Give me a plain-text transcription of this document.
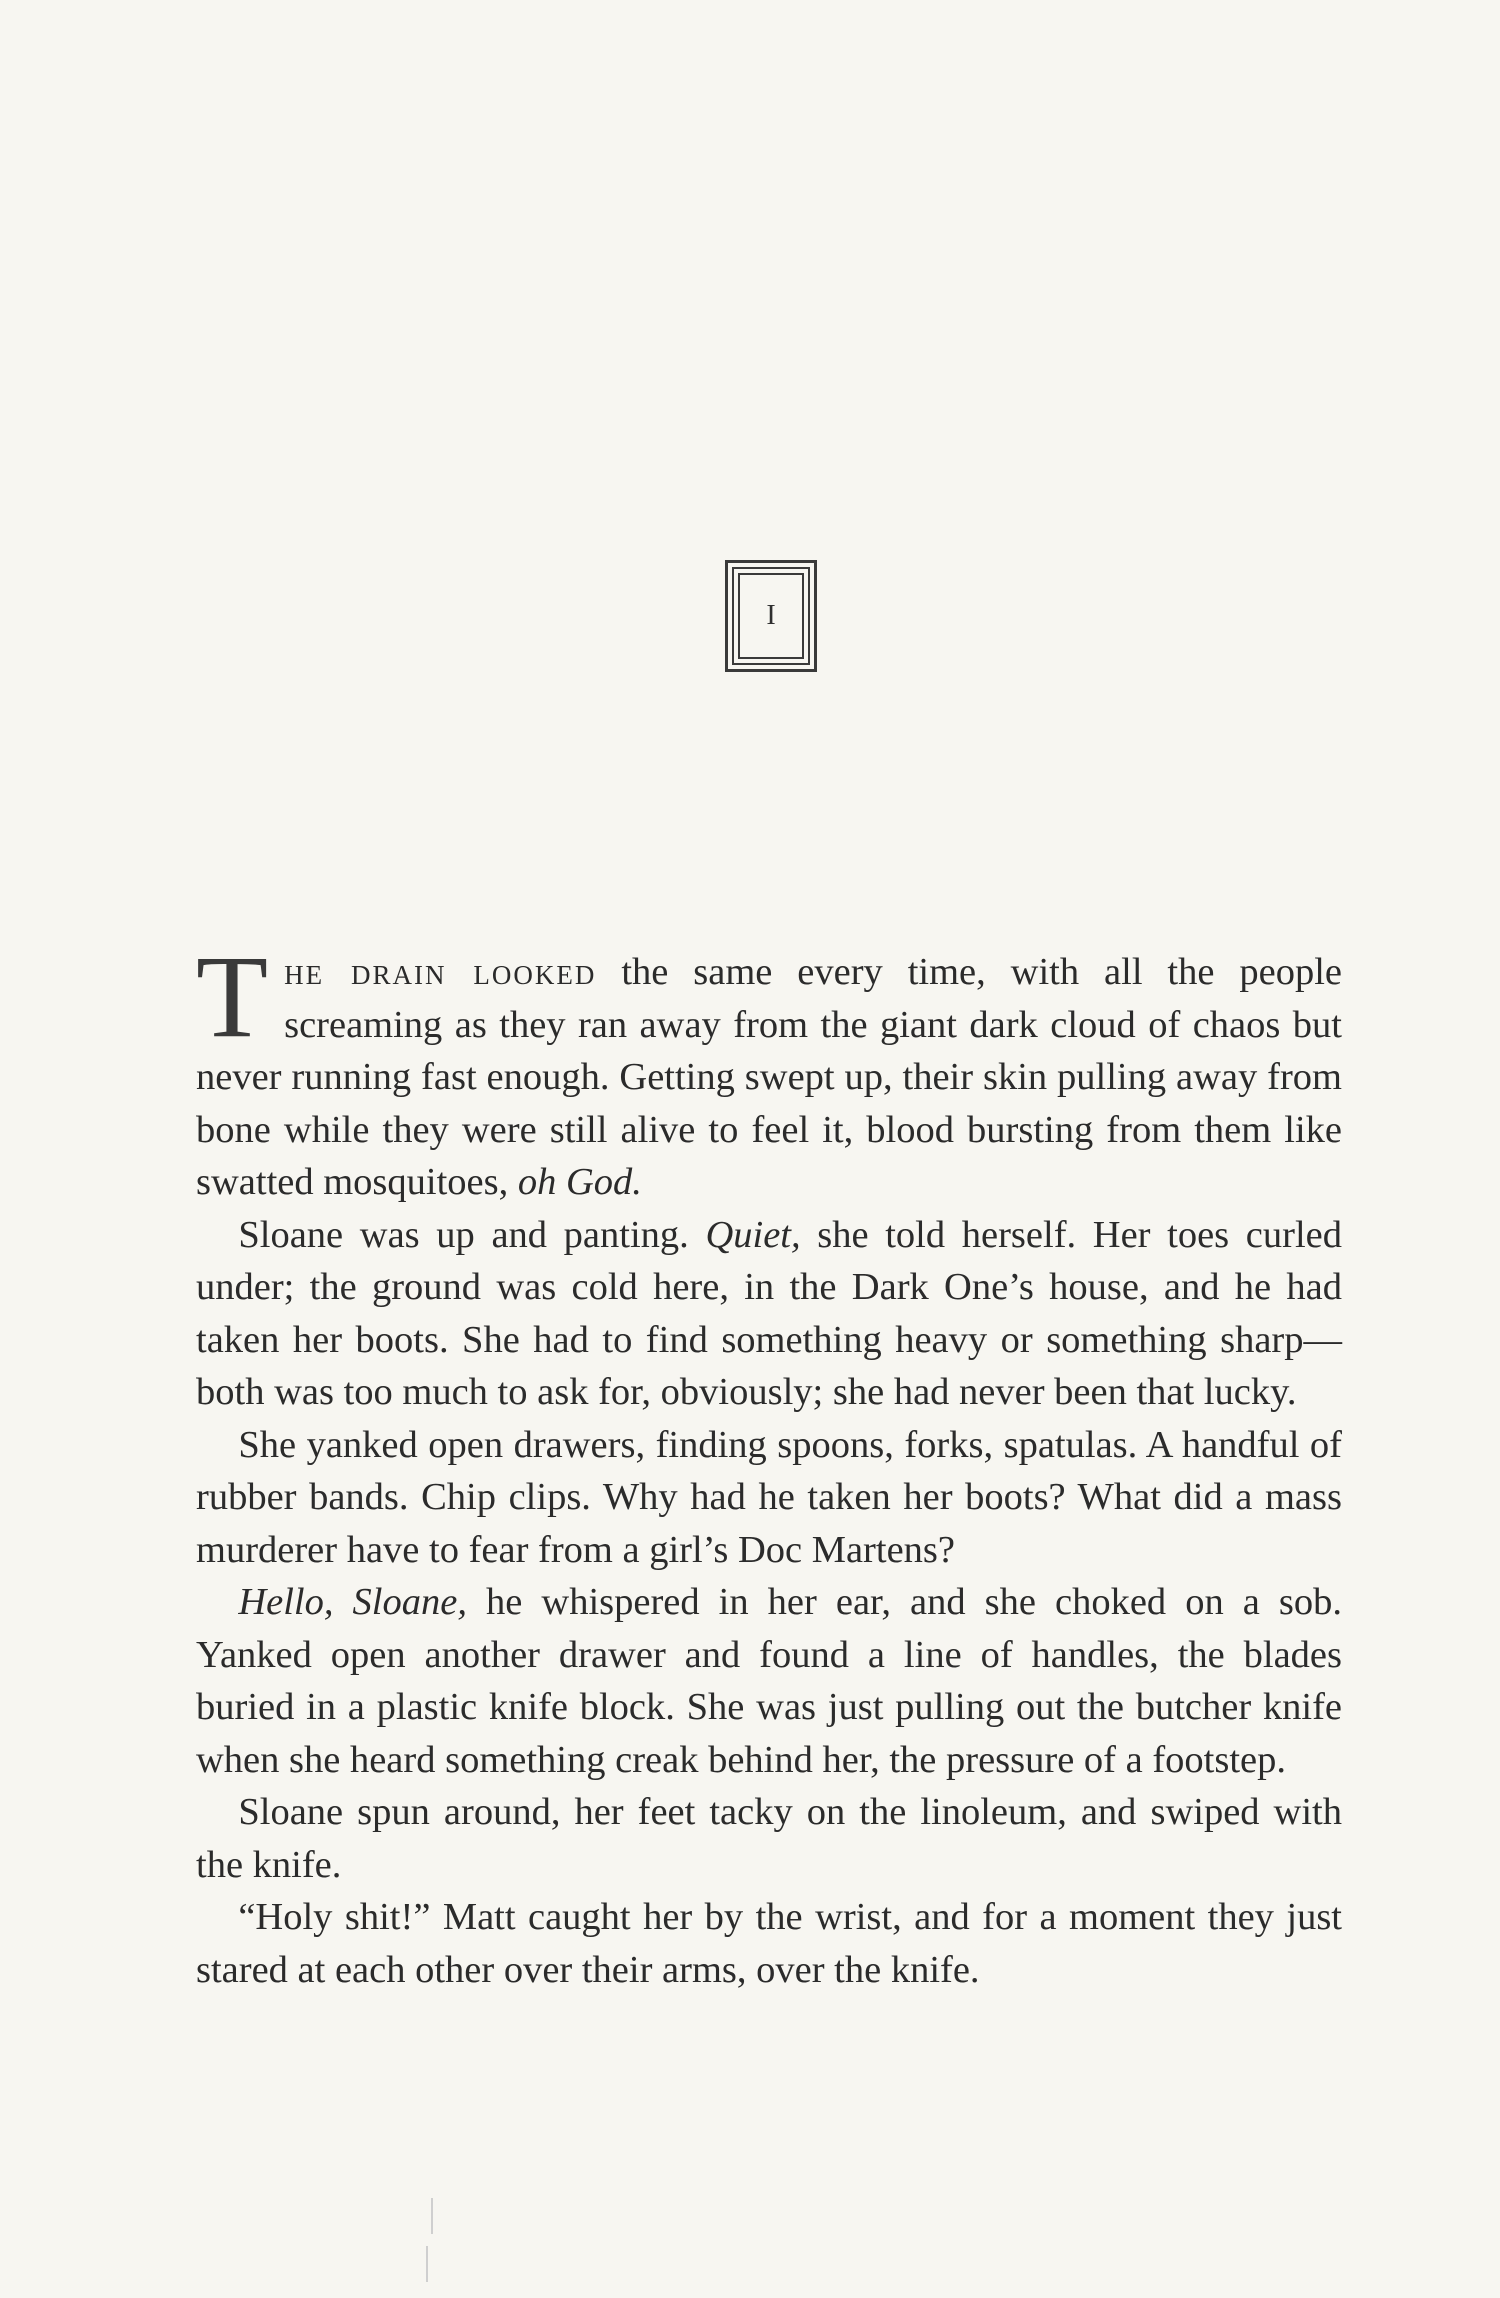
I

The drain looked the same every time, with all the people screaming as they ran away from the giant dark cloud of chaos but never running fast enough. Getting swept up, their skin pulling away from bone while they were still alive to feel it, blood bursting from them like swatted mosquitoes, oh God.

Sloane was up and panting. Quiet, she told herself. Her toes curled under; the ground was cold here, in the Dark One’s house, and he had taken her boots. She had to find something heavy or something sharp—both was too much to ask for, obviously; she had never been that lucky.

She yanked open drawers, finding spoons, forks, spatulas. A handful of rubber bands. Chip clips. Why had he taken her boots? What did a mass murderer have to fear from a girl’s Doc Martens?

Hello, Sloane, he whispered in her ear, and she choked on a sob. Yanked open another drawer and found a line of handles, the blades buried in a plastic knife block. She was just pulling out the butcher knife when she heard something creak behind her, the pressure of a footstep.

Sloane spun around, her feet tacky on the linoleum, and swiped with the knife.

“Holy shit!” Matt caught her by the wrist, and for a moment they just stared at each other over their arms, over the knife.
